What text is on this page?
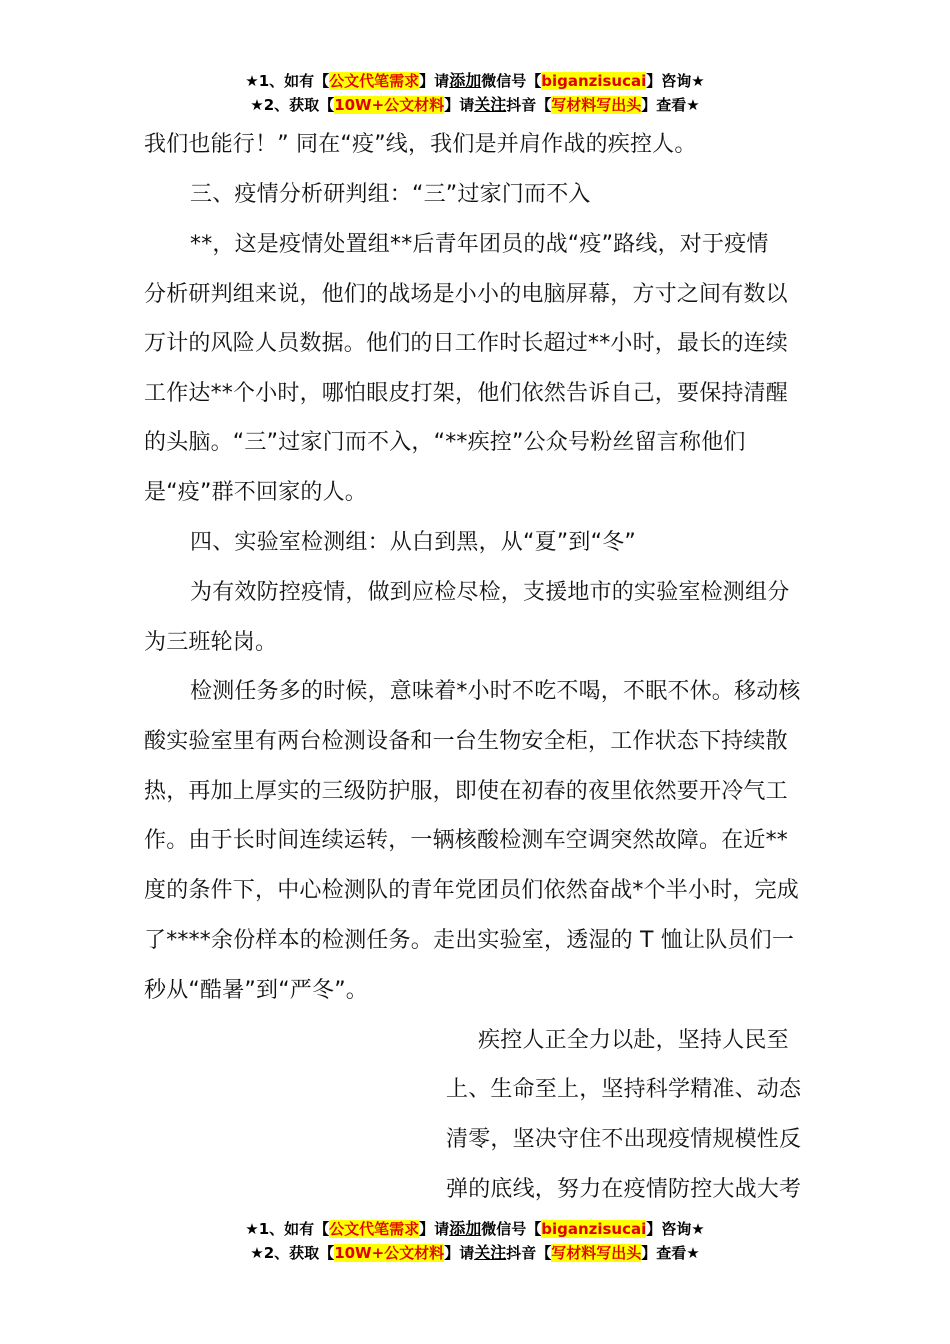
★1、如有【公文代笔需求】请添加微信号【biganzisucai】咨询★
★2、获取【10W+公文材料】请关注抖音【写材料写出头】查看★
我们也能行！” 同在“疫”线，我们是并肩作战的疾控人。
三、疫情分析研判组：“三”过家门而不入
**，这是疫情处置组**后青年团员的战“疫”路线，对于疫情
分析研判组来说，他们的战场是小小的电脑屏幕，方寸之间有数以
万计的风险人员数据。他们的日工作时长超过**小时，最长的连续
工作达**个小时，哪怕眼皮打架，他们依然告诉自己，要保持清醒
的头脑。“三”过家门而不入，“**疾控”公众号粉丝留言称他们
是“疫”群不回家的人。
四、实验室检测组：从白到黑，从“夏”到“冬”
为有效防控疫情，做到应检尽检，支援地市的实验室检测组分
为三班轮岗。
检测任务多的时候，意味着*小时不吃不喝，不眠不休。移动核
酸实验室里有两台检测设备和一台生物安全柜，工作状态下持续散
热，再加上厚实的三级防护服，即使在初春的夜里依然要开冷气工
作。由于长时间连续运转，一辆核酸检测车空调突然故障。在近**
度的条件下，中心检测队的青年党团员们依然奋战*个半小时，完成
了****余份样本的检测任务。走出实验室，透湿的 T 恤让队员们一
秒从“酷暑”到“严冬”。
疾控人正全力以赴，坚持人民至
上、生命至上，坚持科学精准、动态
清零，坚决守住不出现疫情规模性反
弹的底线，努力在疫情防控大战大考
★1、如有【公文代笔需求】请添加微信号【biganzisucai】咨询★
★2、获取【10W+公文材料】请关注抖音【写材料写出头】查看★
